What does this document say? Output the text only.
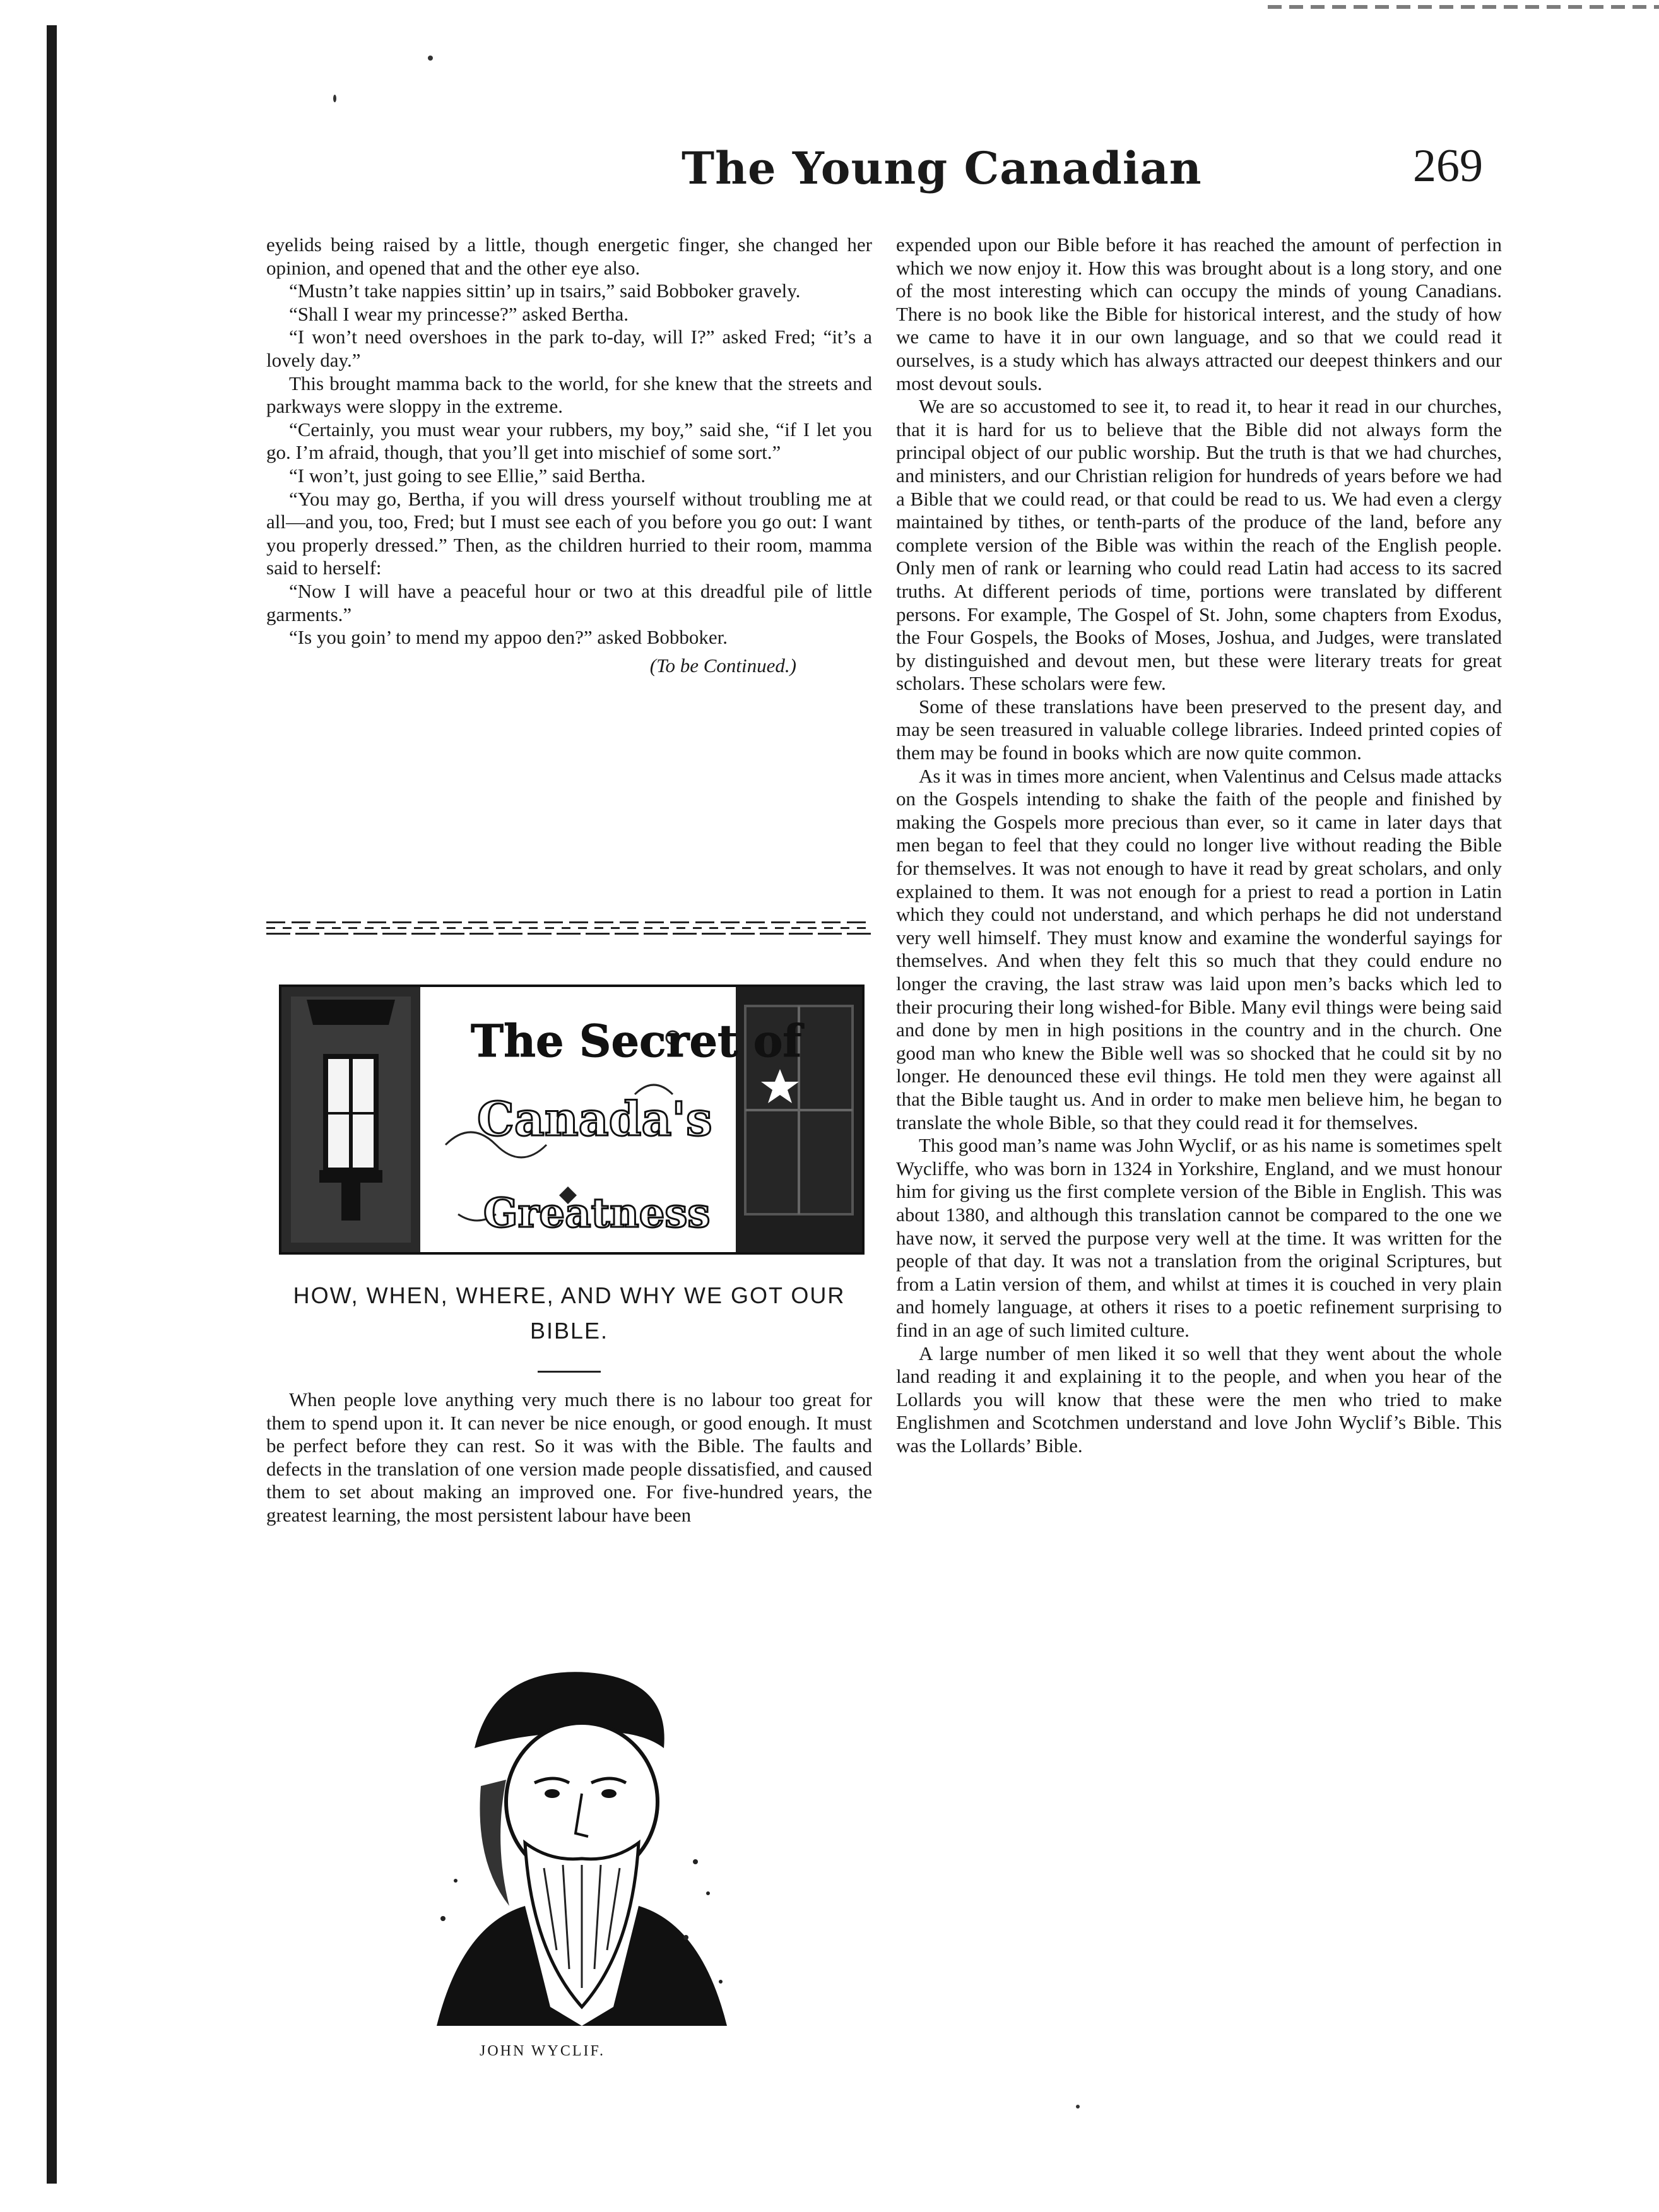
The Young Canadian	269

eyelids being raised by a little, though energetic finger, she changed her opinion, and opened that and the other eye also.

“Mustn’t take nappies sittin’ up in tsairs,” said Bobboker gravely.

“Shall I wear my princesse?” asked Bertha.

“I won’t need overshoes in the park to-day, will I?” asked Fred; “it’s a lovely day.”

This brought mamma back to the world, for she knew that the streets and parkways were sloppy in the extreme.

“Certainly, you must wear your rubbers, my boy,” said she, “if I let you go. I’m afraid, though, that you’ll get into mischief of some sort.”

“I won’t, just going to see Ellie,” said Bertha.

“You may go, Bertha, if you will dress yourself without troubling me at all—and you, too, Fred; but I must see each of you before you go out: I want you properly dressed.” Then, as the children hurried to their room, mamma said to herself:

“Now I will have a peaceful hour or two at this dreadful pile of little garments.”

“Is you goin’ to mend my appoo den?” asked Bobboker.

(To be Continued.)

The Secret of
Canada's
Greatness
HOW, WHEN, WHERE, AND WHY WE GOT OUR BIBLE.

When people love anything very much there is no labour too great for them to spend upon it. It can never be nice enough, or good enough. It must be perfect before they can rest. So it was with the Bible. The faults and defects in the translation of one version made people dissatisfied, and caused them to set about making an improved one. For five-hundred years, the greatest learning, the most persistent labour have been

JOHN WYCLIF.

expended upon our Bible before it has reached the amount of perfection in which we now enjoy it. How this was brought about is a long story, and one of the most interesting which can occupy the minds of young Canadians. There is no book like the Bible for historical interest, and the study of how we came to have it in our own language, and so that we could read it ourselves, is a study which has always attracted our deepest thinkers and our most devout souls.

We are so accustomed to see it, to read it, to hear it read in our churches, that it is hard for us to believe that the Bible did not always form the principal object of our public worship. But the truth is that we had churches, and ministers, and our Christian religion for hundreds of years before we had a Bible that we could read, or that could be read to us. We had even a clergy maintained by tithes, or tenth-parts of the produce of the land, before any complete version of the Bible was within the reach of the English people. Only men of rank or learning who could read Latin had access to its sacred truths. At different periods of time, portions were translated by different persons. For example, The Gospel of St. John, some chapters from Exodus, the Four Gospels, the Books of Moses, Joshua, and Judges, were translated by distinguished and devout men, but these were literary treats for great scholars. These scholars were few.

Some of these translations have been preserved to the present day, and may be seen treasured in valuable college libraries. Indeed printed copies of them may be found in books which are now quite common.

As it was in times more ancient, when Valentinus and Celsus made attacks on the Gospels intending to shake the faith of the people and finished by making the Gospels more precious than ever, so it came in later days that men began to feel that they could no longer live without reading the Bible for themselves. It was not enough to have it read by great scholars, and only explained to them. It was not enough for a priest to read a portion in Latin which they could not understand, and which perhaps he did not understand very well himself. They must know and examine the wonderful sayings for themselves. And when they felt this so much that they could endure no longer the craving, the last straw was laid upon men’s backs which led to their procuring their long wished-for Bible. Many evil things were being said and done by men in high positions in the country and in the church. One good man who knew the Bible well was so shocked that he could sit by no longer. He denounced these evil things. He told men they were against all that the Bible taught us. And in order to make men believe him, he began to translate the whole Bible, so that they could read it for themselves.

This good man’s name was John Wyclif, or as his name is sometimes spelt Wycliffe, who was born in 1324 in Yorkshire, England, and we must honour him for giving us the first complete version of the Bible in English. This was about 1380, and although this translation cannot be compared to the one we have now, it served the purpose very well at the time. It was written for the people of that day. It was not a translation from the original Scriptures, but from a Latin version of them, and whilst at times it is couched in very plain and homely language, at others it rises to a poetic refinement surprising to find in an age of such limited culture.

A large number of men liked it so well that they went about the whole land reading it and explaining it to the people, and when you hear of the Lollards you will know that these were the men who tried to make Englishmen and Scotchmen understand and love John Wyclif’s Bible. This was the Lollards’ Bible.
